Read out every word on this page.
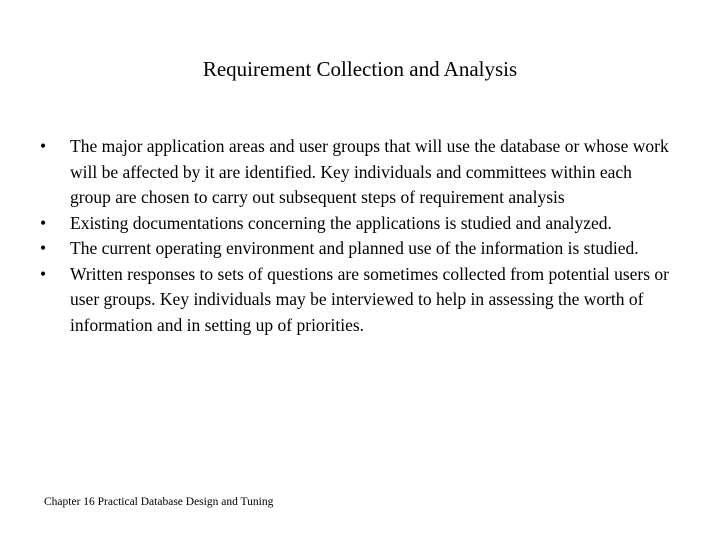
Requirement Collection and Analysis
•	The major application areas and user groups that will use the database or whose work will be affected by it are identified. Key individuals and committees within each group are chosen to carry out subsequent steps of requirement analysis
•	Existing documentations concerning the applications is studied and analyzed.
•	The current operating environment and planned use of the information is studied.
•	Written responses to sets of questions are sometimes collected from potential users or user groups. Key individuals may be interviewed to help in assessing the worth of information and in setting up of priorities.
Chapter 16 Practical Database Design and Tuning
